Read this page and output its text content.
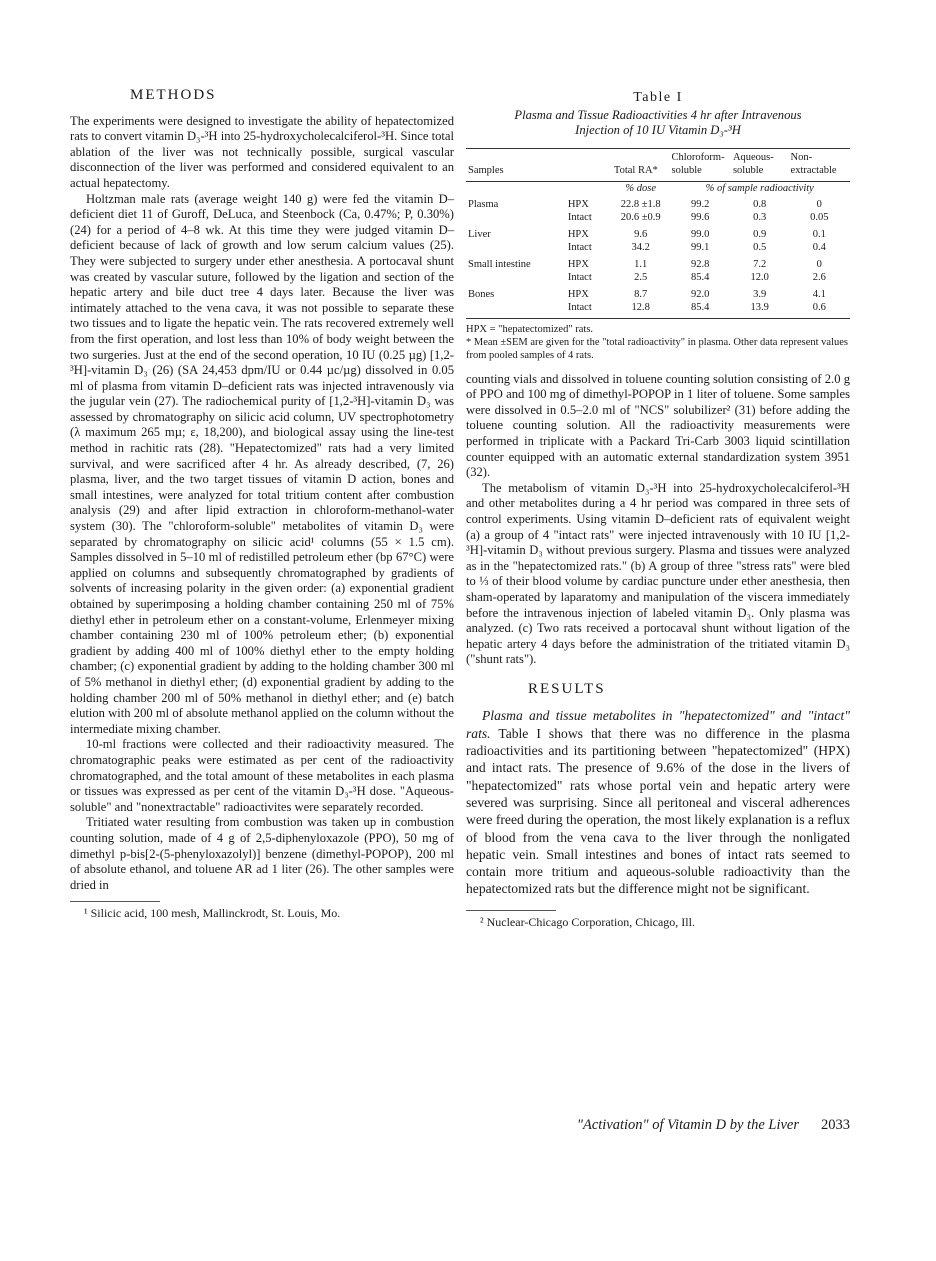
METHODS

The experiments were designed to investigate the ability of hepatectomized rats to convert vitamin D₃-³H into 25-hydroxycholecalciferol-³H. Since total ablation of the liver was not technically possible, surgical vascular disconnection of the liver was performed and considered equivalent to an actual hepatectomy.

Holtzman male rats (average weight 140 g) were fed the vitamin D–deficient diet 11 of Guroff, DeLuca, and Steenbock (Ca, 0.47%; P, 0.30%) (24) for a period of 4–8 wk. At this time they were judged vitamin D–deficient because of lack of growth and low serum calcium values (25). They were subjected to surgery under ether anesthesia. A portocaval shunt was created by vascular suture, followed by the ligation and section of the hepatic artery and bile duct tree 4 days later. Because the liver was intimately attached to the vena cava, it was not possible to separate these two tissues and to ligate the hepatic vein. The rats recovered extremely well from the first operation, and lost less than 10% of body weight between the two surgeries. Just at the end of the second operation, 10 IU (0.25 µg) [1,2-³H]-vitamin D₃ (26) (SA 24,453 dpm/IU or 0.44 µc/µg) dissolved in 0.05 ml of plasma from vitamin D–deficient rats was injected intravenously via the jugular vein (27). The radiochemical purity of [1,2-³H]-vitamin D₃ was assessed by chromatography on silicic acid column, UV spectrophotometry (λ maximum 265 mµ; ε, 18,200), and biological assay using the line-test method in rachitic rats (28). "Hepatectomized" rats had a very limited survival, and were sacrificed after 4 hr. As already described, (7, 26) plasma, liver, and the two target tissues of vitamin D action, bones and small intestines, were analyzed for total tritium content after combustion analysis (29) and after lipid extraction in chloroform-methanol-water system (30). The "chloroform-soluble" metabolites of vitamin D₃ were separated by chromatography on silicic acid¹ columns (55 × 1.5 cm). Samples dissolved in 5–10 ml of redistilled petroleum ether (bp 67°C) were applied on columns and subsequently chromatographed by gradients of solvents of increasing polarity in the given order: (a) exponential gradient obtained by superimposing a holding chamber containing 250 ml of 75% diethyl ether in petroleum ether on a constant-volume, Erlenmeyer mixing chamber containing 230 ml of 100% petroleum ether; (b) exponential gradient by adding 400 ml of 100% diethyl ether to the empty holding chamber; (c) exponential gradient by adding to the holding chamber 300 ml of 5% methanol in diethyl ether; (d) exponential gradient by adding to the holding chamber 200 ml of 50% methanol in diethyl ether; and (e) batch elution with 200 ml of absolute methanol applied on the column without the intermediate mixing chamber.

10-ml fractions were collected and their radioactivity measured. The chromatographic peaks were estimated as per cent of the radioactivity chromatographed, and the total amount of these metabolites in each plasma or tissues was expressed as per cent of the vitamin D₃-³H dose. "Aqueous-soluble" and "nonextractable" radioactivites were separately recorded.

Tritiated water resulting from combustion was taken up in combustion counting solution, made of 4 g of 2,5-diphenyloxazole (PPO), 50 mg of dimethyl p-bis[2-(5-phenyloxazolyl)] benzene (dimethyl-POPOP), 200 ml of absolute ethanol, and toluene AR ad 1 liter (26). The other samples were dried in

¹ Silicic acid, 100 mesh, Mallinckrodt, St. Louis, Mo.

Table I
Plasma and Tissue Radioactivities 4 hr after Intravenous
Injection of 10 IU Vitamin D₃-³H
Samples		Total RA*	Chloroform-soluble	Aqueous-soluble	Non-extractable
		% dose	% of sample radioactivity		
Plasma	HPX	22.8 ±1.8	99.2	0.8	0
	Intact	20.6 ±0.9	99.6	0.3	0.05
Liver	HPX	9.6	99.0	0.9	0.1
	Intact	34.2	99.1	0.5	0.4
Small intestine	HPX	1.1	92.8	7.2	0
	Intact	2.5	85.4	12.0	2.6
Bones	HPX	8.7	92.0	3.9	4.1
	Intact	12.8	85.4	13.9	0.6
HPX = "hepatectomized" rats.
* Mean ±SEM are given for the "total radioactivity" in plasma. Other data represent values from pooled samples of 4 rats.

counting vials and dissolved in toluene counting solution consisting of 2.0 g of PPO and 100 mg of dimethyl-POPOP in 1 liter of toluene. Some samples were dissolved in 0.5–2.0 ml of "NCS" solubilizer² (31) before adding the toluene counting solution. All the radioactivity measurements were performed in triplicate with a Packard Tri-Carb 3003 liquid scintillation counter equipped with an automatic external standardization system 3951 (32).

The metabolism of vitamin D₃-³H into 25-hydroxycholecalciferol-³H and other metabolites during a 4 hr period was compared in three sets of control experiments. Using vitamin D–deficient rats of equivalent weight (a) a group of 4 "intact rats" were injected intravenously with 10 IU [1,2-³H]-vitamin D₃ without previous surgery. Plasma and tissues were analyzed as in the "hepatectomized rats." (b) A group of three "stress rats" were bled to ⅓ of their blood volume by cardiac puncture under ether anesthesia, then sham-operated by laparatomy and manipulation of the viscera immediately before the intravenous injection of labeled vitamin D₃. Only plasma was analyzed. (c) Two rats received a portocaval shunt without ligation of the hepatic artery 4 days before the administration of the tritiated vitamin D₃ ("shunt rats").

RESULTS

Plasma and tissue metabolites in "hepatectomized" and "intact" rats. Table I shows that there was no difference in the plasma radioactivities and its partitioning between "hepatectomized" (HPX) and intact rats. The presence of 9.6% of the dose in the livers of "hepatectomized" rats whose portal vein and hepatic artery were severed was surprising. Since all peritoneal and visceral adherences were freed during the operation, the most likely explanation is a reflux of blood from the vena cava to the liver through the nonligated hepatic vein. Small intestines and bones of intact rats seemed to contain more tritium and aqueous-soluble radioactivity than the hepatectomized rats but the difference might not be significant.

² Nuclear-Chicago Corporation, Chicago, Ill.

"Activation" of Vitamin D by the Liver 2033
